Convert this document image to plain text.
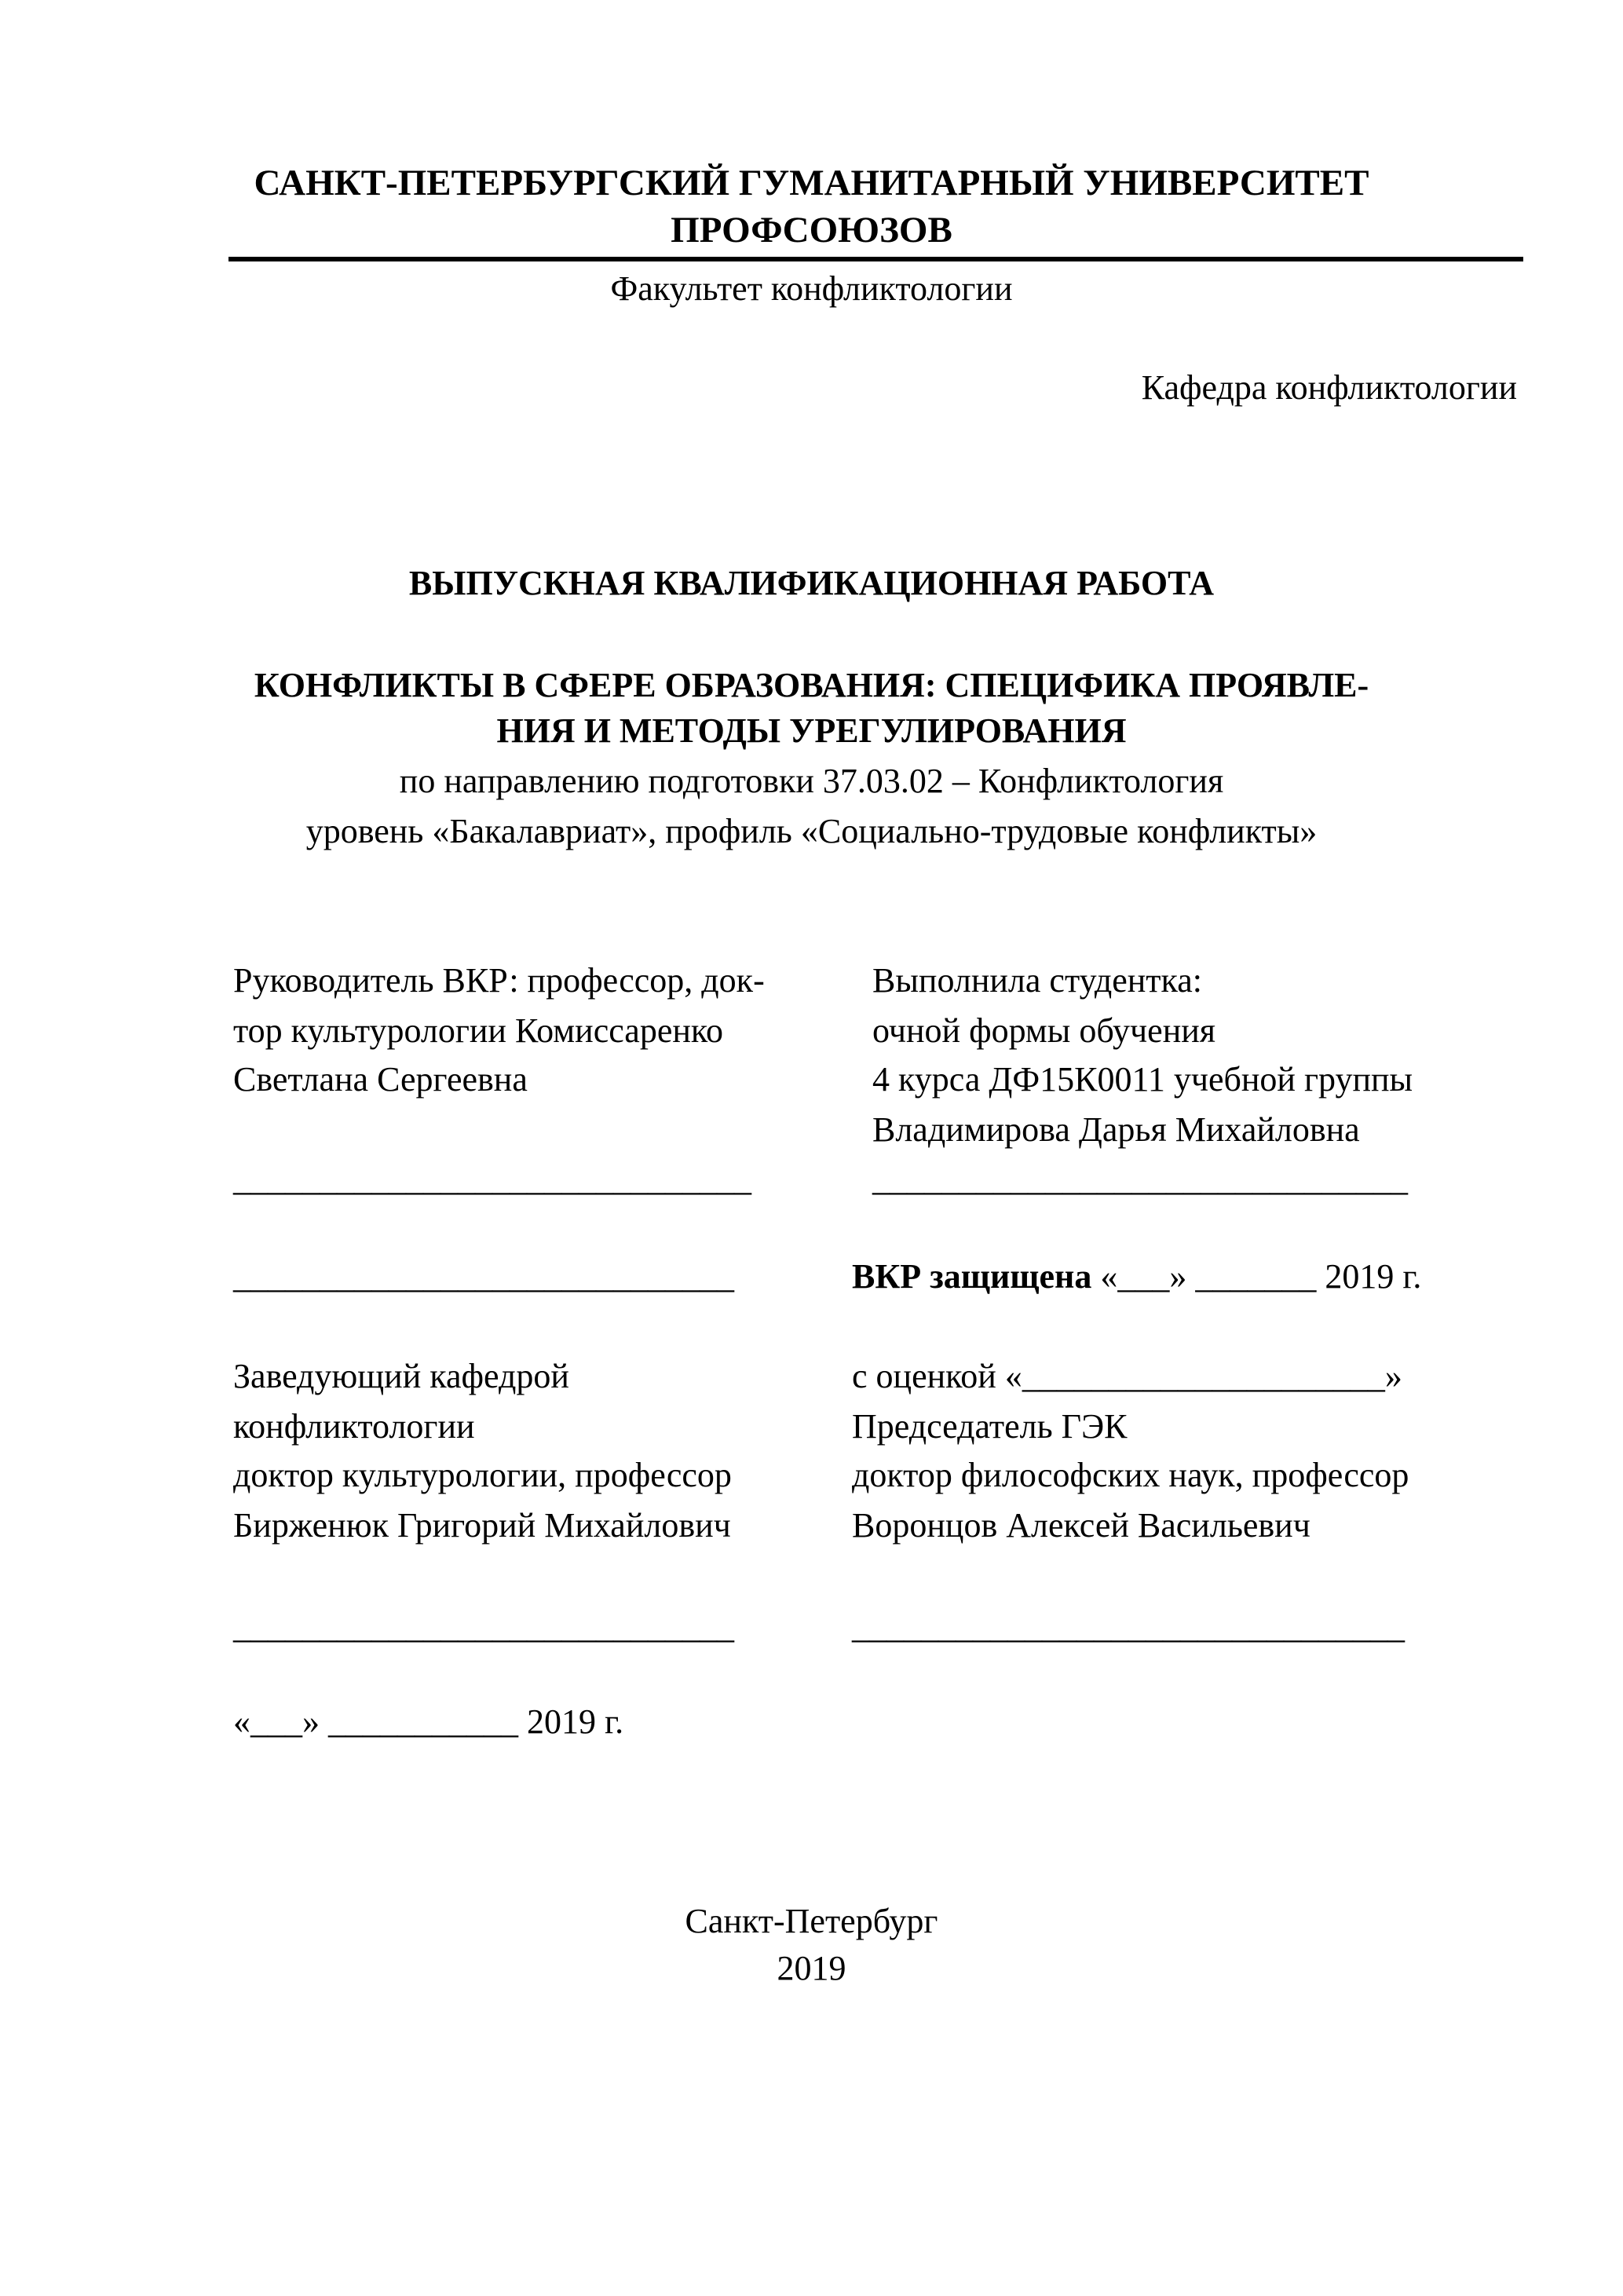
САНКТ-ПЕТЕРБУРГСКИЙ ГУМАНИТАРНЫЙ УНИВЕРСИТЕТ
ПРОФСОЮЗОВ
Факультет конфликтологии
Кафедра конфликтологии
ВЫПУСКНАЯ КВАЛИФИКАЦИОННАЯ РАБОТА
КОНФЛИКТЫ В СФЕРЕ ОБРАЗОВАНИЯ: СПЕЦИФИКА ПРОЯВЛЕ-
НИЯ И МЕТОДЫ УРЕГУЛИРОВАНИЯ
по направлению подготовки 37.03.02 – Конфликтология
уровень «Бакалавриат», профиль «Социально-трудовые конфликты»
Руководитель ВКР: профессор, док-
тор культурологии Комиссаренко
Светлана Сергеевна
______________________________
Выполнила студентка:
очной формы обучения
4 курса ДФ15К0011 учебной группы
Владимирова Дарья Михайловна
_______________________________
_____________________________	ВКР защищена «___» _______ 2019 г.
Заведующий кафедрой
конфликтологии
доктор культурологии, профессор
Бирженюк Григорий Михайлович
_____________________________
«___» ___________ 2019 г.
с оценкой «_____________________»
Председатель ГЭК
доктор философских наук, профессор
Воронцов Алексей Васильевич
________________________________
Санкт-Петербург
2019
